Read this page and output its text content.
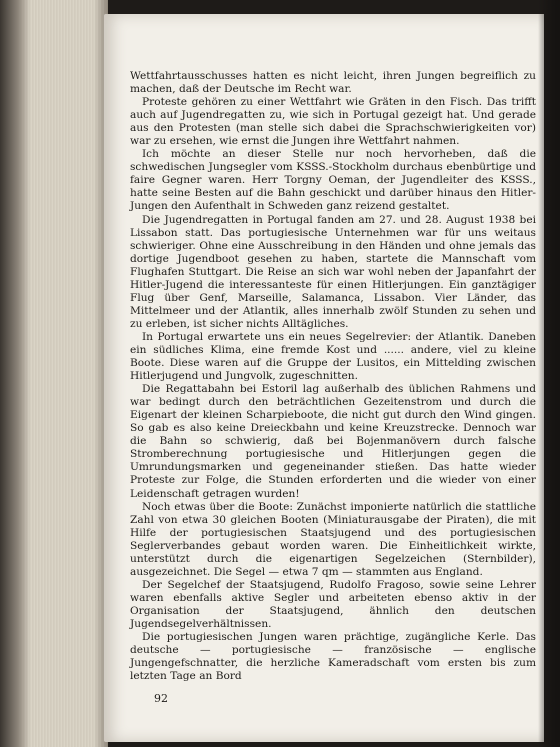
Wettfahrtausschusses hatten es nicht leicht, ihren Jungen begreiflich zu machen, daß der Deutsche im Recht war.

Proteste gehören zu einer Wettfahrt wie Gräten in den Fisch. Das trifft auch auf Jugendregatten zu, wie sich in Portugal gezeigt hat. Und gerade aus den Protesten (man stelle sich dabei die Sprachschwierigkeiten vor) war zu ersehen, wie ernst die Jungen ihre Wettfahrt nahmen.

Ich möchte an dieser Stelle nur noch hervorheben, daß die schwedischen Jungsegler vom KSSS.-Stockholm durchaus ebenbürtige und faire Gegner waren. Herr Torgny Oeman, der Jugendleiter des KSSS., hatte seine Besten auf die Bahn geschickt und darüber hinaus den Hitler-Jungen den Aufenthalt in Schweden ganz reizend gestaltet.

Die Jugendregatten in Portugal fanden am 27. und 28. August 1938 bei Lissabon statt. Das portugiesische Unternehmen war für uns weitaus schwieriger. Ohne eine Ausschreibung in den Händen und ohne jemals das dortige Jugendboot gesehen zu haben, startete die Mannschaft vom Flughafen Stuttgart. Die Reise an sich war wohl neben der Japanfahrt der Hitler-Jugend die interessanteste für einen Hitlerjungen. Ein ganztägiger Flug über Genf, Marseille, Salamanca, Lissabon. Vier Länder, das Mittelmeer und der Atlantik, alles innerhalb zwölf Stunden zu sehen und zu erleben, ist sicher nichts Alltägliches.

In Portugal erwartete uns ein neues Segelrevier: der Atlantik. Daneben ein südliches Klima, eine fremde Kost und ...... andere, viel zu kleine Boote. Diese waren auf die Gruppe der Lusitos, ein Mittelding zwischen Hitlerjugend und Jungvolk, zugeschnitten.

Die Regattabahn bei Estoril lag außerhalb des üblichen Rahmens und war bedingt durch den beträchtlichen Gezeitenstrom und durch die Eigenart der kleinen Scharpieboote, die nicht gut durch den Wind gingen. So gab es also keine Dreieckbahn und keine Kreuzstrecke. Dennoch war die Bahn so schwierig, daß bei Bojenmanövern durch falsche Stromberechnung portugiesische und Hitlerjungen gegen die Umrundungsmarken und gegeneinander stießen. Das hatte wieder Proteste zur Folge, die Stunden erforderten und die wieder von einer Leidenschaft getragen wurden!

Noch etwas über die Boote: Zunächst imponierte natürlich die stattliche Zahl von etwa 30 gleichen Booten (Miniaturausgabe der Piraten), die mit Hilfe der portugiesischen Staatsjugend und des portugiesischen Seglerverbandes gebaut worden waren. Die Einheitlichkeit wirkte, unterstützt durch die eigenartigen Segelzeichen (Sternbilder), ausgezeichnet. Die Segel — etwa 7 qm — stammten aus England.

Der Segelchef der Staatsjugend, Rudolfo Fragoso, sowie seine Lehrer waren ebenfalls aktive Segler und arbeiteten ebenso aktiv in der Organisation der Staatsjugend, ähnlich den deutschen Jugendsegelverhältnissen.

Die portugiesischen Jungen waren prächtige, zugängliche Kerle. Das deutsche — portugiesische — französische — englische Jungengefschnatter, die herzliche Kameradschaft vom ersten bis zum letzten Tage an Bord

92
